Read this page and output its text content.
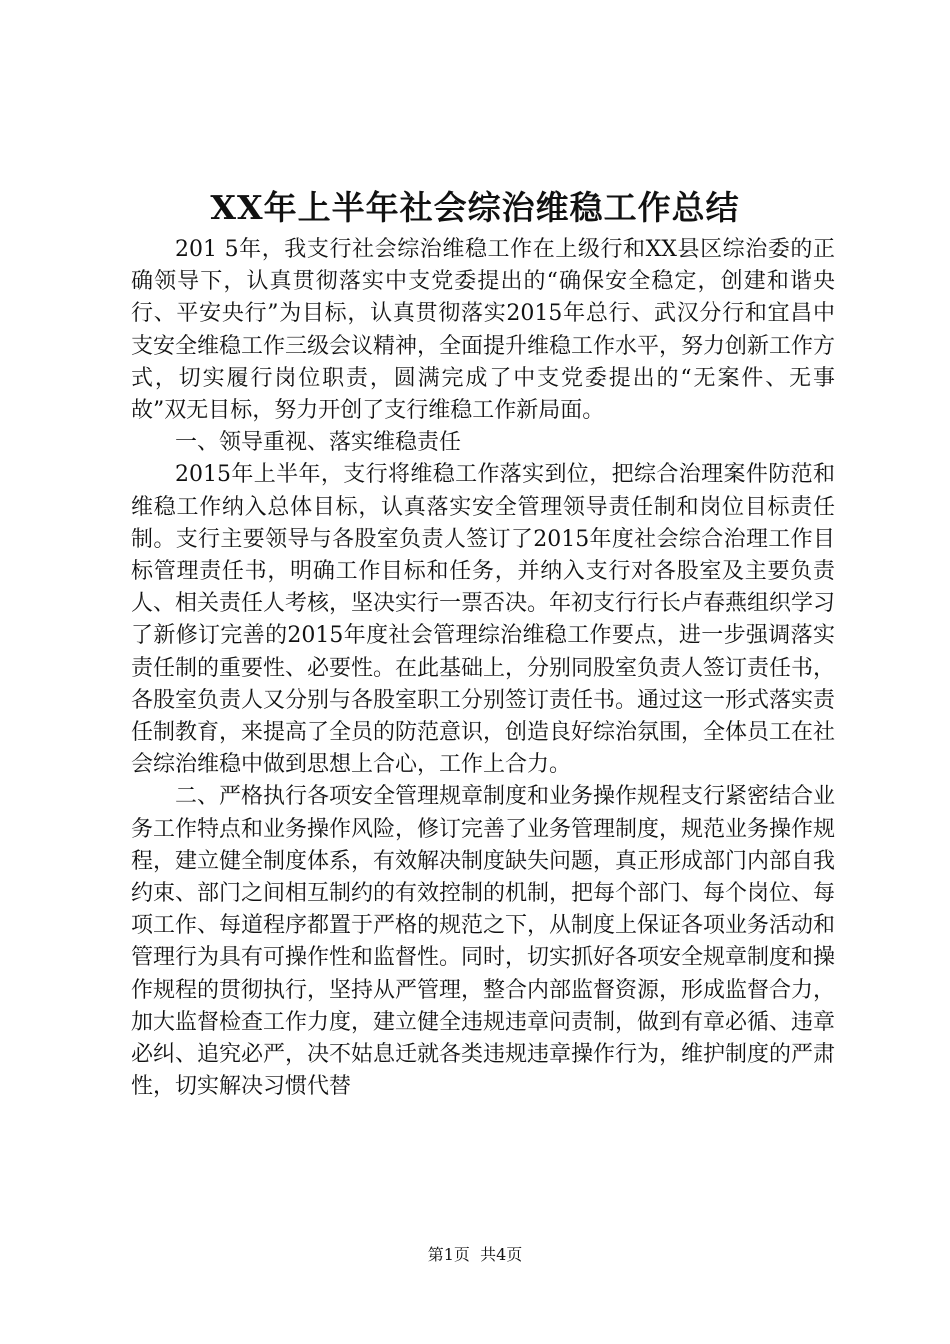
XX年上半年社会综治维稳工作总结

201 5年，我支行社会综治维稳工作在上级行和XX县区综治委的正确领导下，认真贯彻落实中支党委提出的“确保安全稳定，创建和谐央行、平安央行”为目标，认真贯彻落实2015年总行、武汉分行和宜昌中支安全维稳工作三级会议精神，全面提升维稳工作水平，努力创新工作方式，切实履行岗位职责，圆满完成了中支党委提出的“无案件、无事故”双无目标，努力开创了支行维稳工作新局面。

一、领导重视、落实维稳责任

2015年上半年，支行将维稳工作落实到位，把综合治理案件防范和维稳工作纳入总体目标，认真落实安全管理领导责任制和岗位目标责任制。支行主要领导与各股室负责人签订了2015年度社会综合治理工作目标管理责任书，明确工作目标和任务，并纳入支行对各股室及主要负责人、相关责任人考核，坚决实行一票否决。年初支行行长卢春燕组织学习了新修订完善的2015年度社会管理综治维稳工作要点，进一步强调落实责任制的重要性、必要性。在此基础上，分别同股室负责人签订责任书，各股室负责人又分别与各股室职工分别签订责任书。通过这一形式落实责任制教育，来提高了全员的防范意识，创造良好综治氛围，全体员工在社会综治维稳中做到思想上合心，工作上合力。

二、严格执行各项安全管理规章制度和业务操作规程支行紧密结合业务工作特点和业务操作风险，修订完善了业务管理制度，规范业务操作规程，建立健全制度体系，有效解决制度缺失问题，真正形成部门内部自我约束、部门之间相互制约的有效控制的机制，把每个部门、每个岗位、每项工作、每道程序都置于严格的规范之下，从制度上保证各项业务活动和管理行为具有可操作性和监督性。同时，切实抓好各项安全规章制度和操作规程的贯彻执行，坚持从严管理，整合内部监督资源，形成监督合力，加大监督检查工作力度，建立健全违规违章问责制，做到有章必循、违章必纠、追究必严，决不姑息迁就各类违规违章操作行为，维护制度的严肃性，切实解决习惯代替

第1页  共4页
